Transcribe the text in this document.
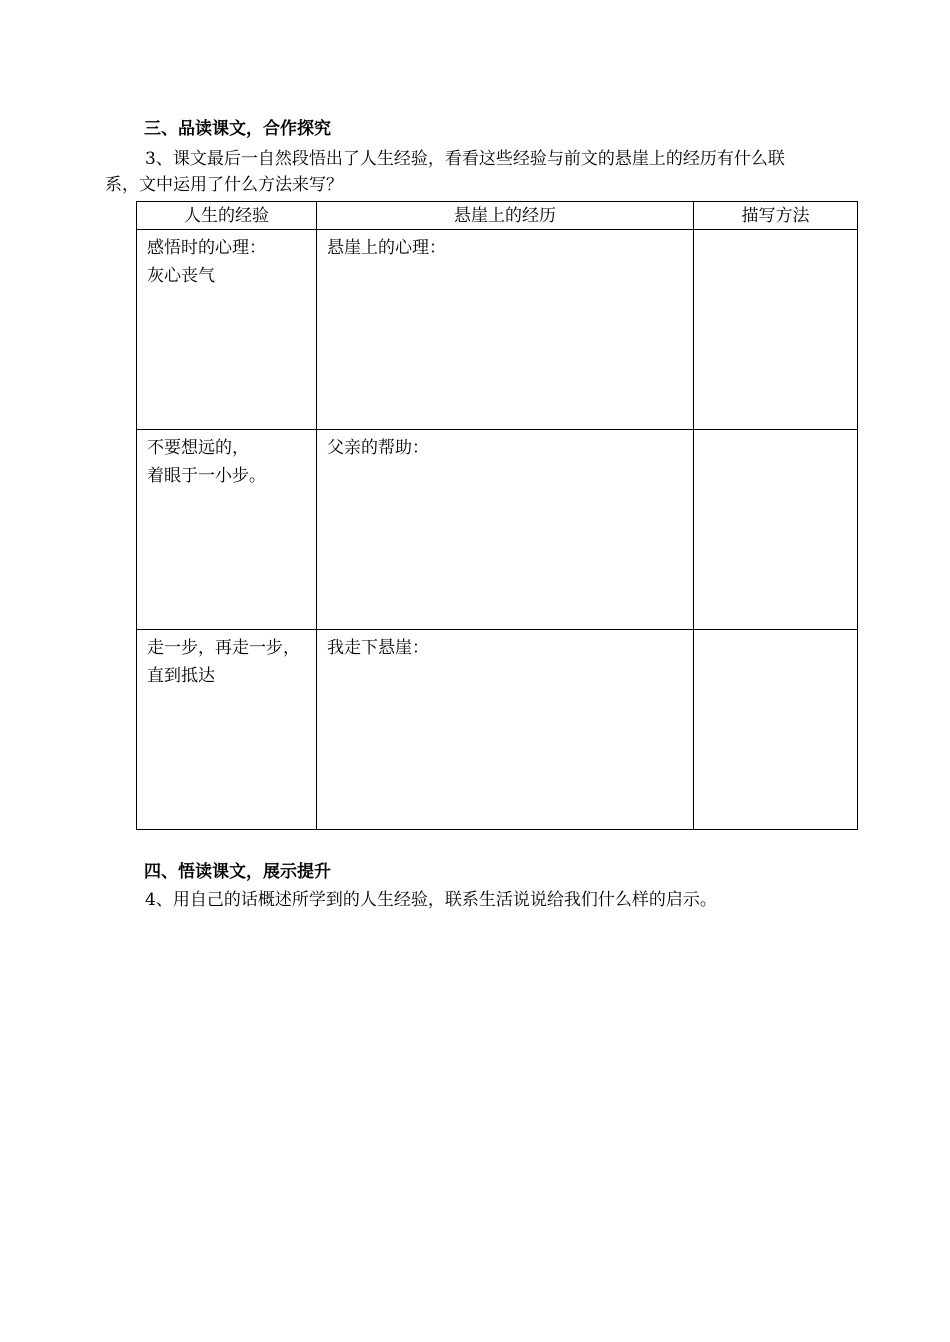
三、品读课文，合作探究
3、课文最后一自然段悟出了人生经验，看看这些经验与前文的悬崖上的经历有什么联
系，文中运用了什么方法来写？
人生的经验	悬崖上的经历	描写方法

感悟时的心理：
灰心丧气	悬崖上的心理：	

不要想远的，
着眼于一小步。	父亲的帮助：	

走一步，再走一步，
直到抵达	我走下悬崖：	

四、悟读课文，展示提升
4、用自己的话概述所学到的人生经验，联系生活说说给我们什么样的启示。
